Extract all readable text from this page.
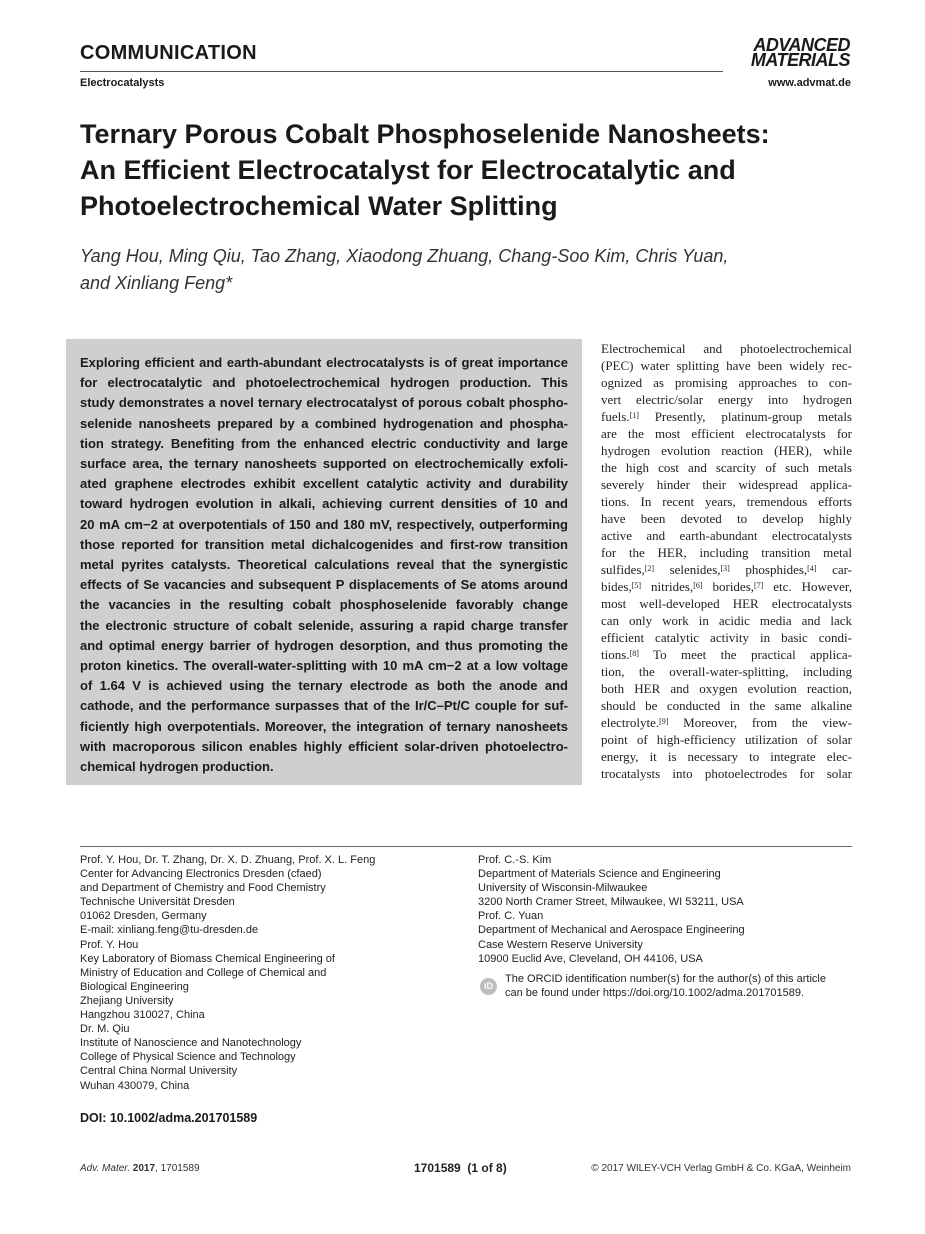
COMMUNICATION
Electrocatalysts
ADVANCED
MATERIALS
www.advmat.de
Ternary Porous Cobalt Phosphoselenide Nanosheets:
An Efficient Electrocatalyst for Electrocatalytic and
Photoelectrochemical Water Splitting
Yang Hou, Ming Qiu, Tao Zhang, Xiaodong Zhuang, Chang-Soo Kim, Chris Yuan,
and Xinliang Feng*
Exploring efficient and earth-abundant electrocatalysts is of great importance
for electrocatalytic and photoelectrochemical hydrogen production. This
study demonstrates a novel ternary electrocatalyst of porous cobalt phospho-
selenide nanosheets prepared by a combined hydrogenation and phospha-
tion strategy. Benefiting from the enhanced electric conductivity and large
surface area, the ternary nanosheets supported on electrochemically exfoli-
ated graphene electrodes exhibit excellent catalytic activity and durability
toward hydrogen evolution in alkali, achieving current densities of 10 and
20 mA cm−2 at overpotentials of 150 and 180 mV, respectively, outperforming
those reported for transition metal dichalcogenides and first-row transition
metal pyrites catalysts. Theoretical calculations reveal that the synergistic
effects of Se vacancies and subsequent P displacements of Se atoms around
the vacancies in the resulting cobalt phosphoselenide favorably change
the electronic structure of cobalt selenide, assuring a rapid charge transfer
and optimal energy barrier of hydrogen desorption, and thus promoting the
proton kinetics. The overall-water-splitting with 10 mA cm−2 at a low voltage
of 1.64 V is achieved using the ternary electrode as both the anode and
cathode, and the performance surpasses that of the Ir/C–Pt/C couple for suf-
ficiently high overpotentials. Moreover, the integration of ternary nanosheets
with macroporous silicon enables highly efficient solar-driven photoelectro-
chemical hydrogen production.
Electrochemical and photoelectrochemical
(PEC) water splitting have been widely rec-
ognized as promising approaches to con-
vert electric/solar energy into hydrogen
fuels.[1] Presently, platinum-group metals
are the most efficient electrocatalysts for
hydrogen evolution reaction (HER), while
the high cost and scarcity of such metals
severely hinder their widespread applica-
tions. In recent years, tremendous efforts
have been devoted to develop highly
active and earth-abundant electrocatalysts
for the HER, including transition metal
sulfides,[2] selenides,[3] phosphides,[4] car-
bides,[5] nitrides,[6] borides,[7] etc. However,
most well-developed HER electrocatalysts
can only work in acidic media and lack
efficient catalytic activity in basic condi-
tions.[8] To meet the practical applica-
tion, the overall-water-splitting, including
both HER and oxygen evolution reaction,
should be conducted in the same alkaline
electrolyte.[9] Moreover, from the view-
point of high-efficiency utilization of solar
energy, it is necessary to integrate elec-
trocatalysts into photoelectrodes for solar
Prof. Y. Hou, Dr. T. Zhang, Dr. X. D. Zhuang, Prof. X. L. Feng
Center for Advancing Electronics Dresden (cfaed)
and Department of Chemistry and Food Chemistry
Technische Universität Dresden
01062 Dresden, Germany
E-mail: xinliang.feng@tu-dresden.de
Prof. Y. Hou
Key Laboratory of Biomass Chemical Engineering of
Ministry of Education and College of Chemical and
Biological Engineering
Zhejiang University
Hangzhou 310027, China
Dr. M. Qiu
Institute of Nanoscience and Nanotechnology
College of Physical Science and Technology
Central China Normal University
Wuhan 430079, China
Prof. C.-S. Kim
Department of Materials Science and Engineering
University of Wisconsin-Milwaukee
3200 North Cramer Street, Milwaukee, WI 53211, USA
Prof. C. Yuan
Department of Mechanical and Aerospace Engineering
Case Western Reserve University
10900 Euclid Ave, Cleveland, OH 44106, USA
iD
The ORCID identification number(s) for the author(s) of this article
can be found under https://doi.org/10.1002/adma.201701589.
DOI: 10.1002/adma.201701589
Adv. Mater. 2017, 1701589	1701589  (1 of 8)	© 2017 WILEY-VCH Verlag GmbH & Co. KGaA, Weinheim
